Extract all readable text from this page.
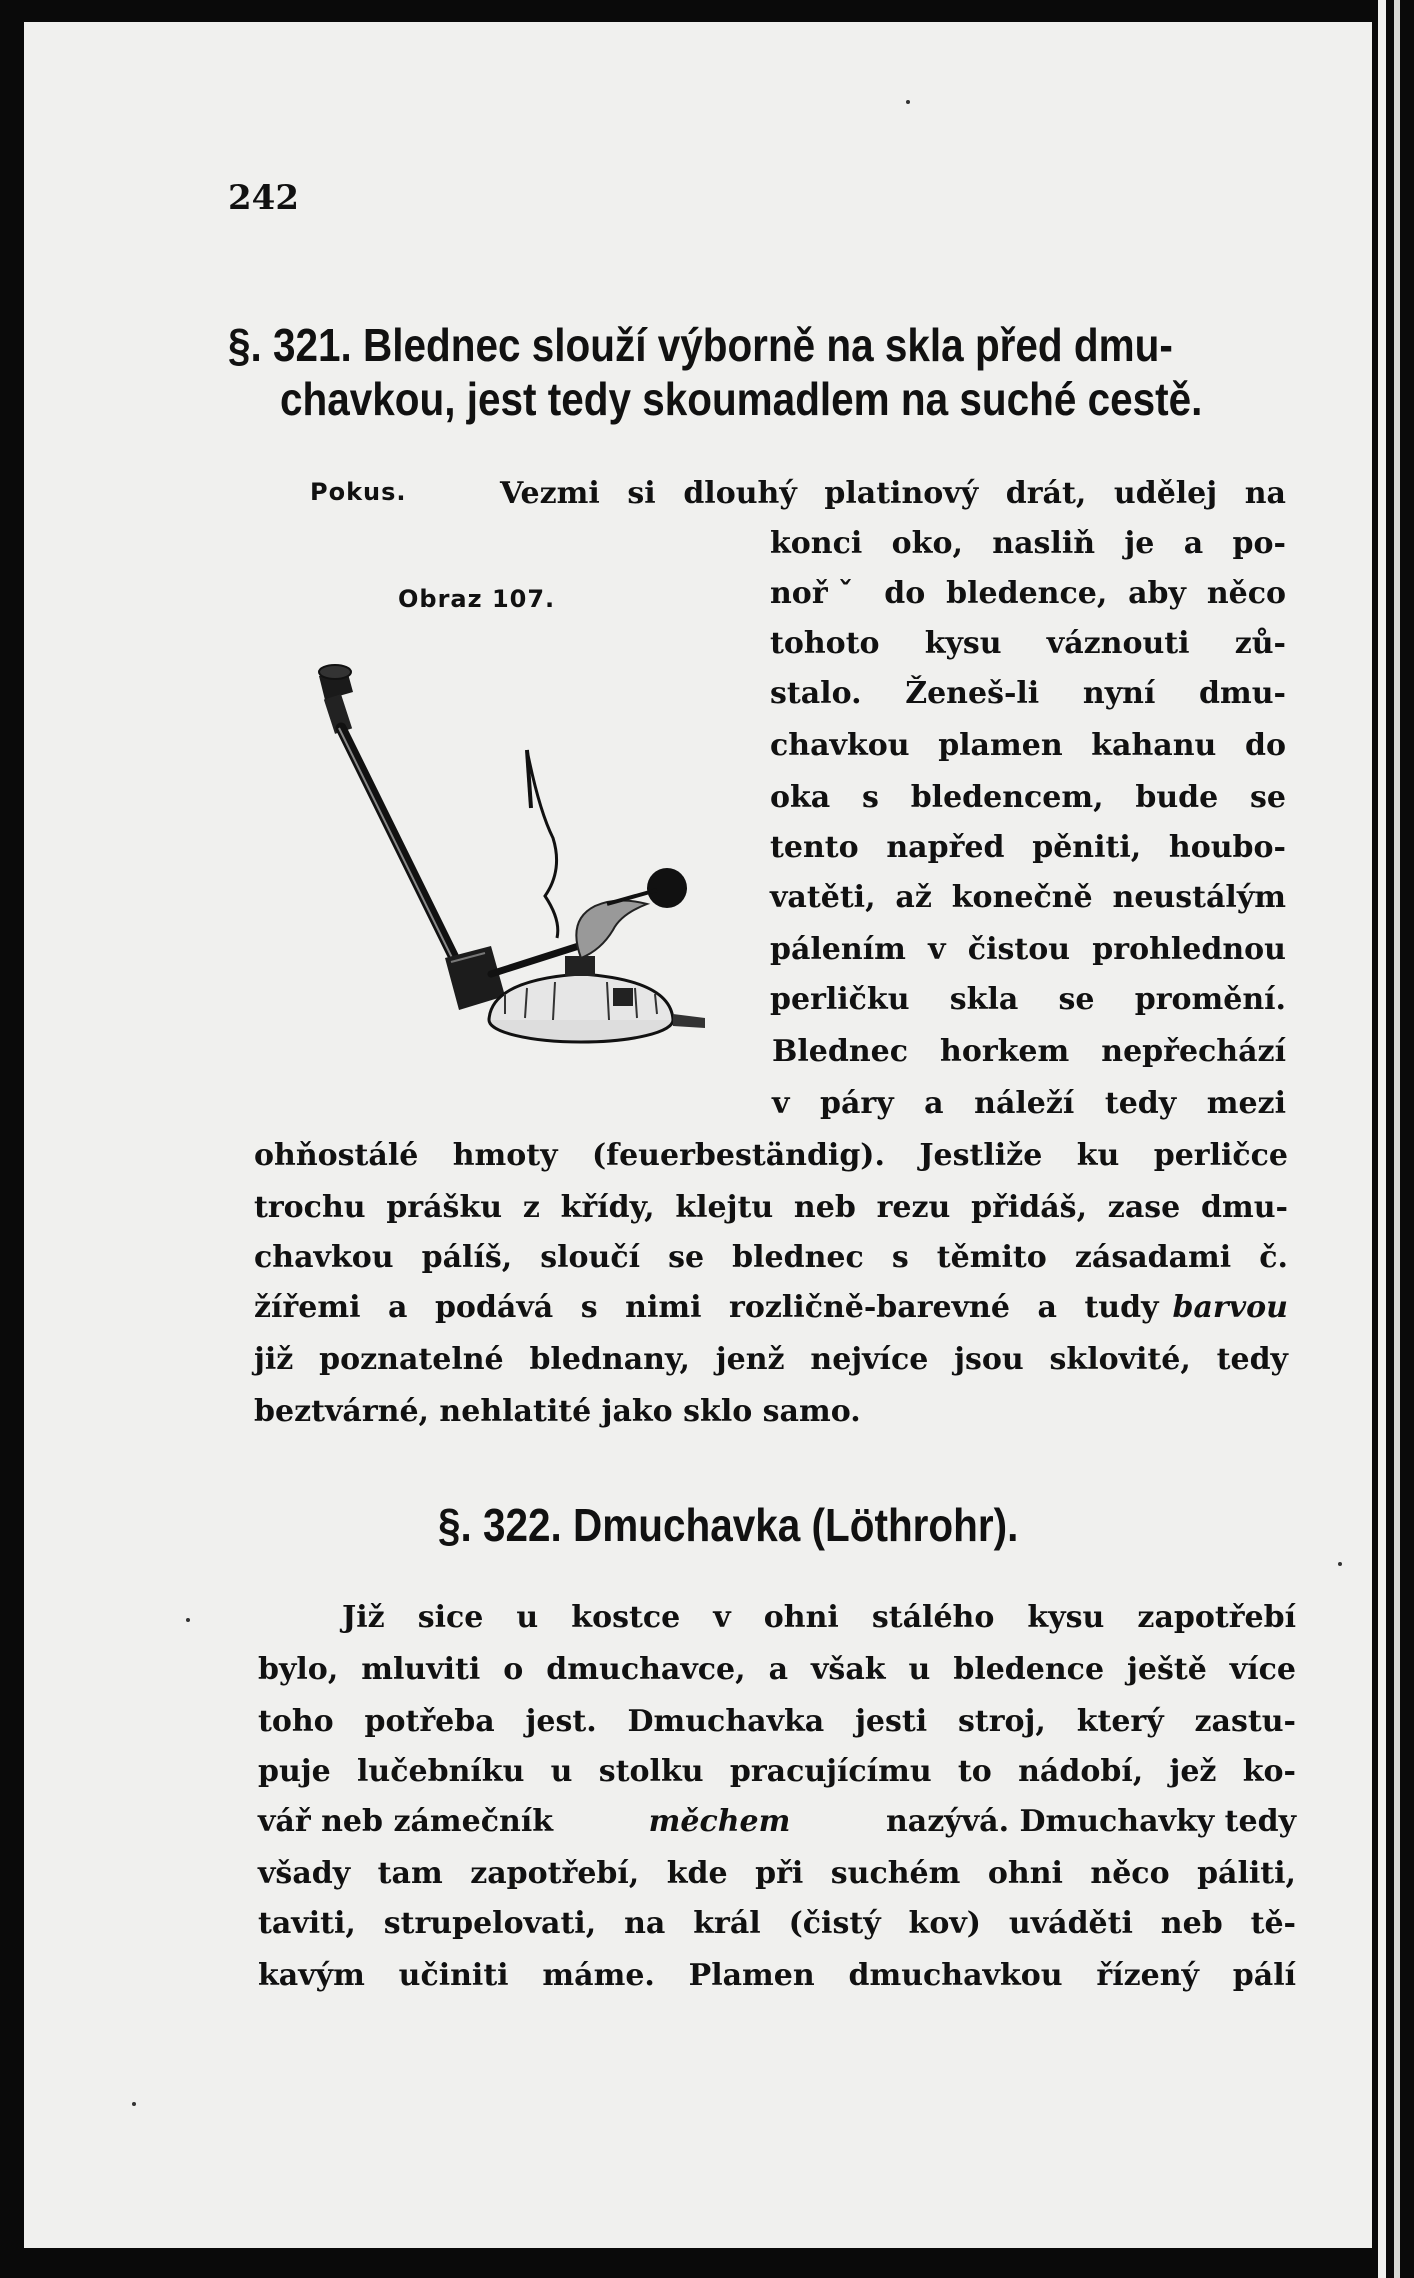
242
§. 321. Blednec slouží výborně na skla před dmu-
chavkou, jest tedy skoumadlem na suché cestě.
Pokus.
Obraz 107.
Vezmi si dlouhý platinový drát, udělej na
konci oko, nasliň je a po-
nořˇ do bledence, aby něco
tohoto kysu váznouti zů-
stalo. Ženeš-li nyní dmu-
chavkou plamen kahanu do
oka s bledencem, bude se
tento napřed pěniti, houbo-
vatěti, až konečně neustálým
pálením v čistou prohlednou
perličku skla se promění.
Blednec horkem nepřechází
v páry a náleží tedy mezi
ohňostálé hmoty (feuerbeständig). Jestliže ku perličce
trochu prášku z křídy, klejtu neb rezu přidáš, zase dmu-
chavkou pálíš, sloučí se blednec s těmito zásadami č.
žířemi a podává s nimi rozličně-barevné a tudy barvou
již poznatelné blednany, jenž nejvíce jsou sklovité, tedy
beztvárné, nehlatité jako sklo samo.
§. 322. Dmuchavka (Löthrohr).
Již sice u kostce v ohni stálého kysu zapotřebí
bylo, mluviti o dmuchavce, a však u bledence ještě více
toho potřeba jest. Dmuchavka jesti stroj, který zastu-
puje lučebníku u stolku pracujícímu to nádobí, jež ko-
vář neb zámečník	měchem	nazývá. Dmuchavky tedy
všady tam zapotřebí, kde při suchém ohni něco páliti,
taviti, strupelovati, na král (čistý kov) uváděti neb tě-
kavým učiniti máme. Plamen dmuchavkou řízený pálí
